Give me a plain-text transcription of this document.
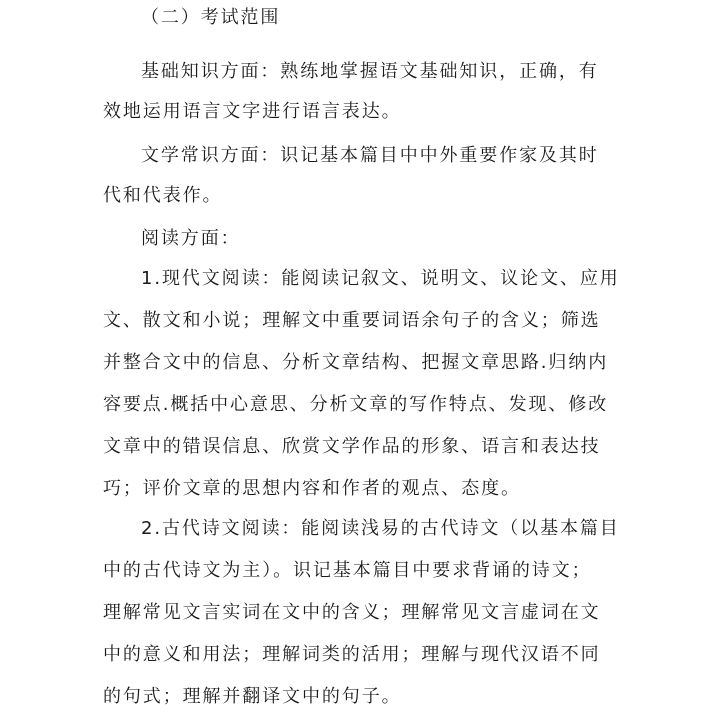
（二）考试范围
基础知识方面：熟练地掌握语文基础知识，正确，有
效地运用语言文字进行语言表达。
文学常识方面：识记基本篇目中中外重要作家及其时
代和代表作。
阅读方面：
1.现代文阅读：能阅读记叙文、说明文、议论文、应用
文、散文和小说；理解文中重要词语余句子的含义；筛选
并整合文中的信息、分析文章结构、把握文章思路.归纳内
容要点.概括中心意思、分析文章的写作特点、发现、修改
文章中的错误信息、欣赏文学作品的形象、语言和表达技
巧；评价文章的思想内容和作者的观点、态度。
2.古代诗文阅读：能阅读浅易的古代诗文（以基本篇目
中的古代诗文为主）。识记基本篇目中要求背诵的诗文；
理解常见文言实词在文中的含义；理解常见文言虚词在文
中的意义和用法；理解词类的活用；理解与现代汉语不同
的句式；理解并翻译文中的句子。
